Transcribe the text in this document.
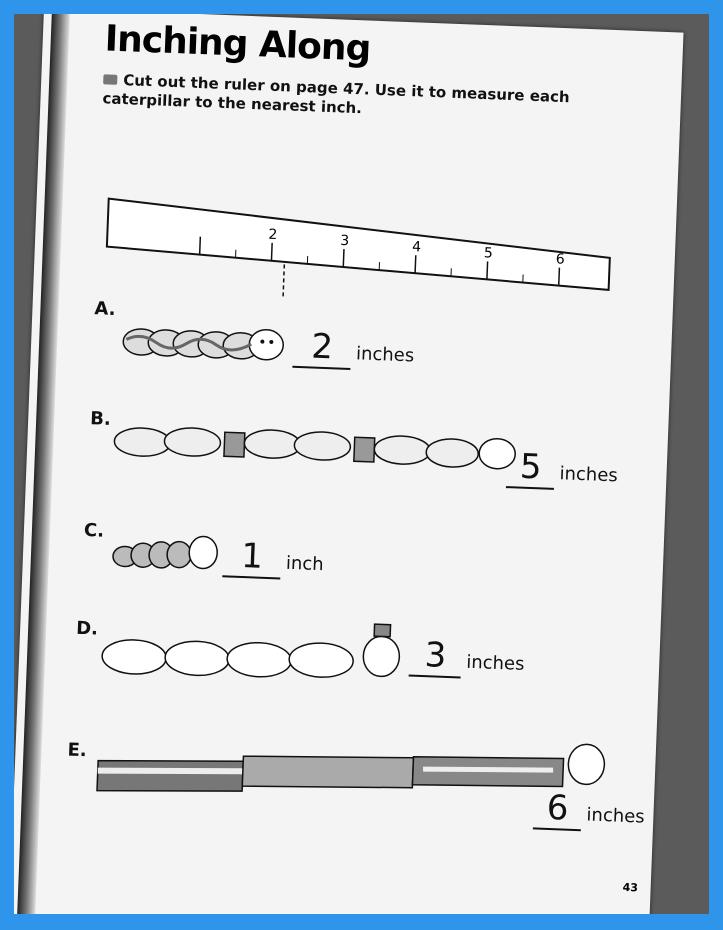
Inching Along
Cut out the ruler on page 47. Use it to measure each caterpillar to the nearest inch.
2	3	4	5	6
A.
2 inches
B.
5 inches
C.
1 inch
D.
3 inches
E.
6 inches
43
